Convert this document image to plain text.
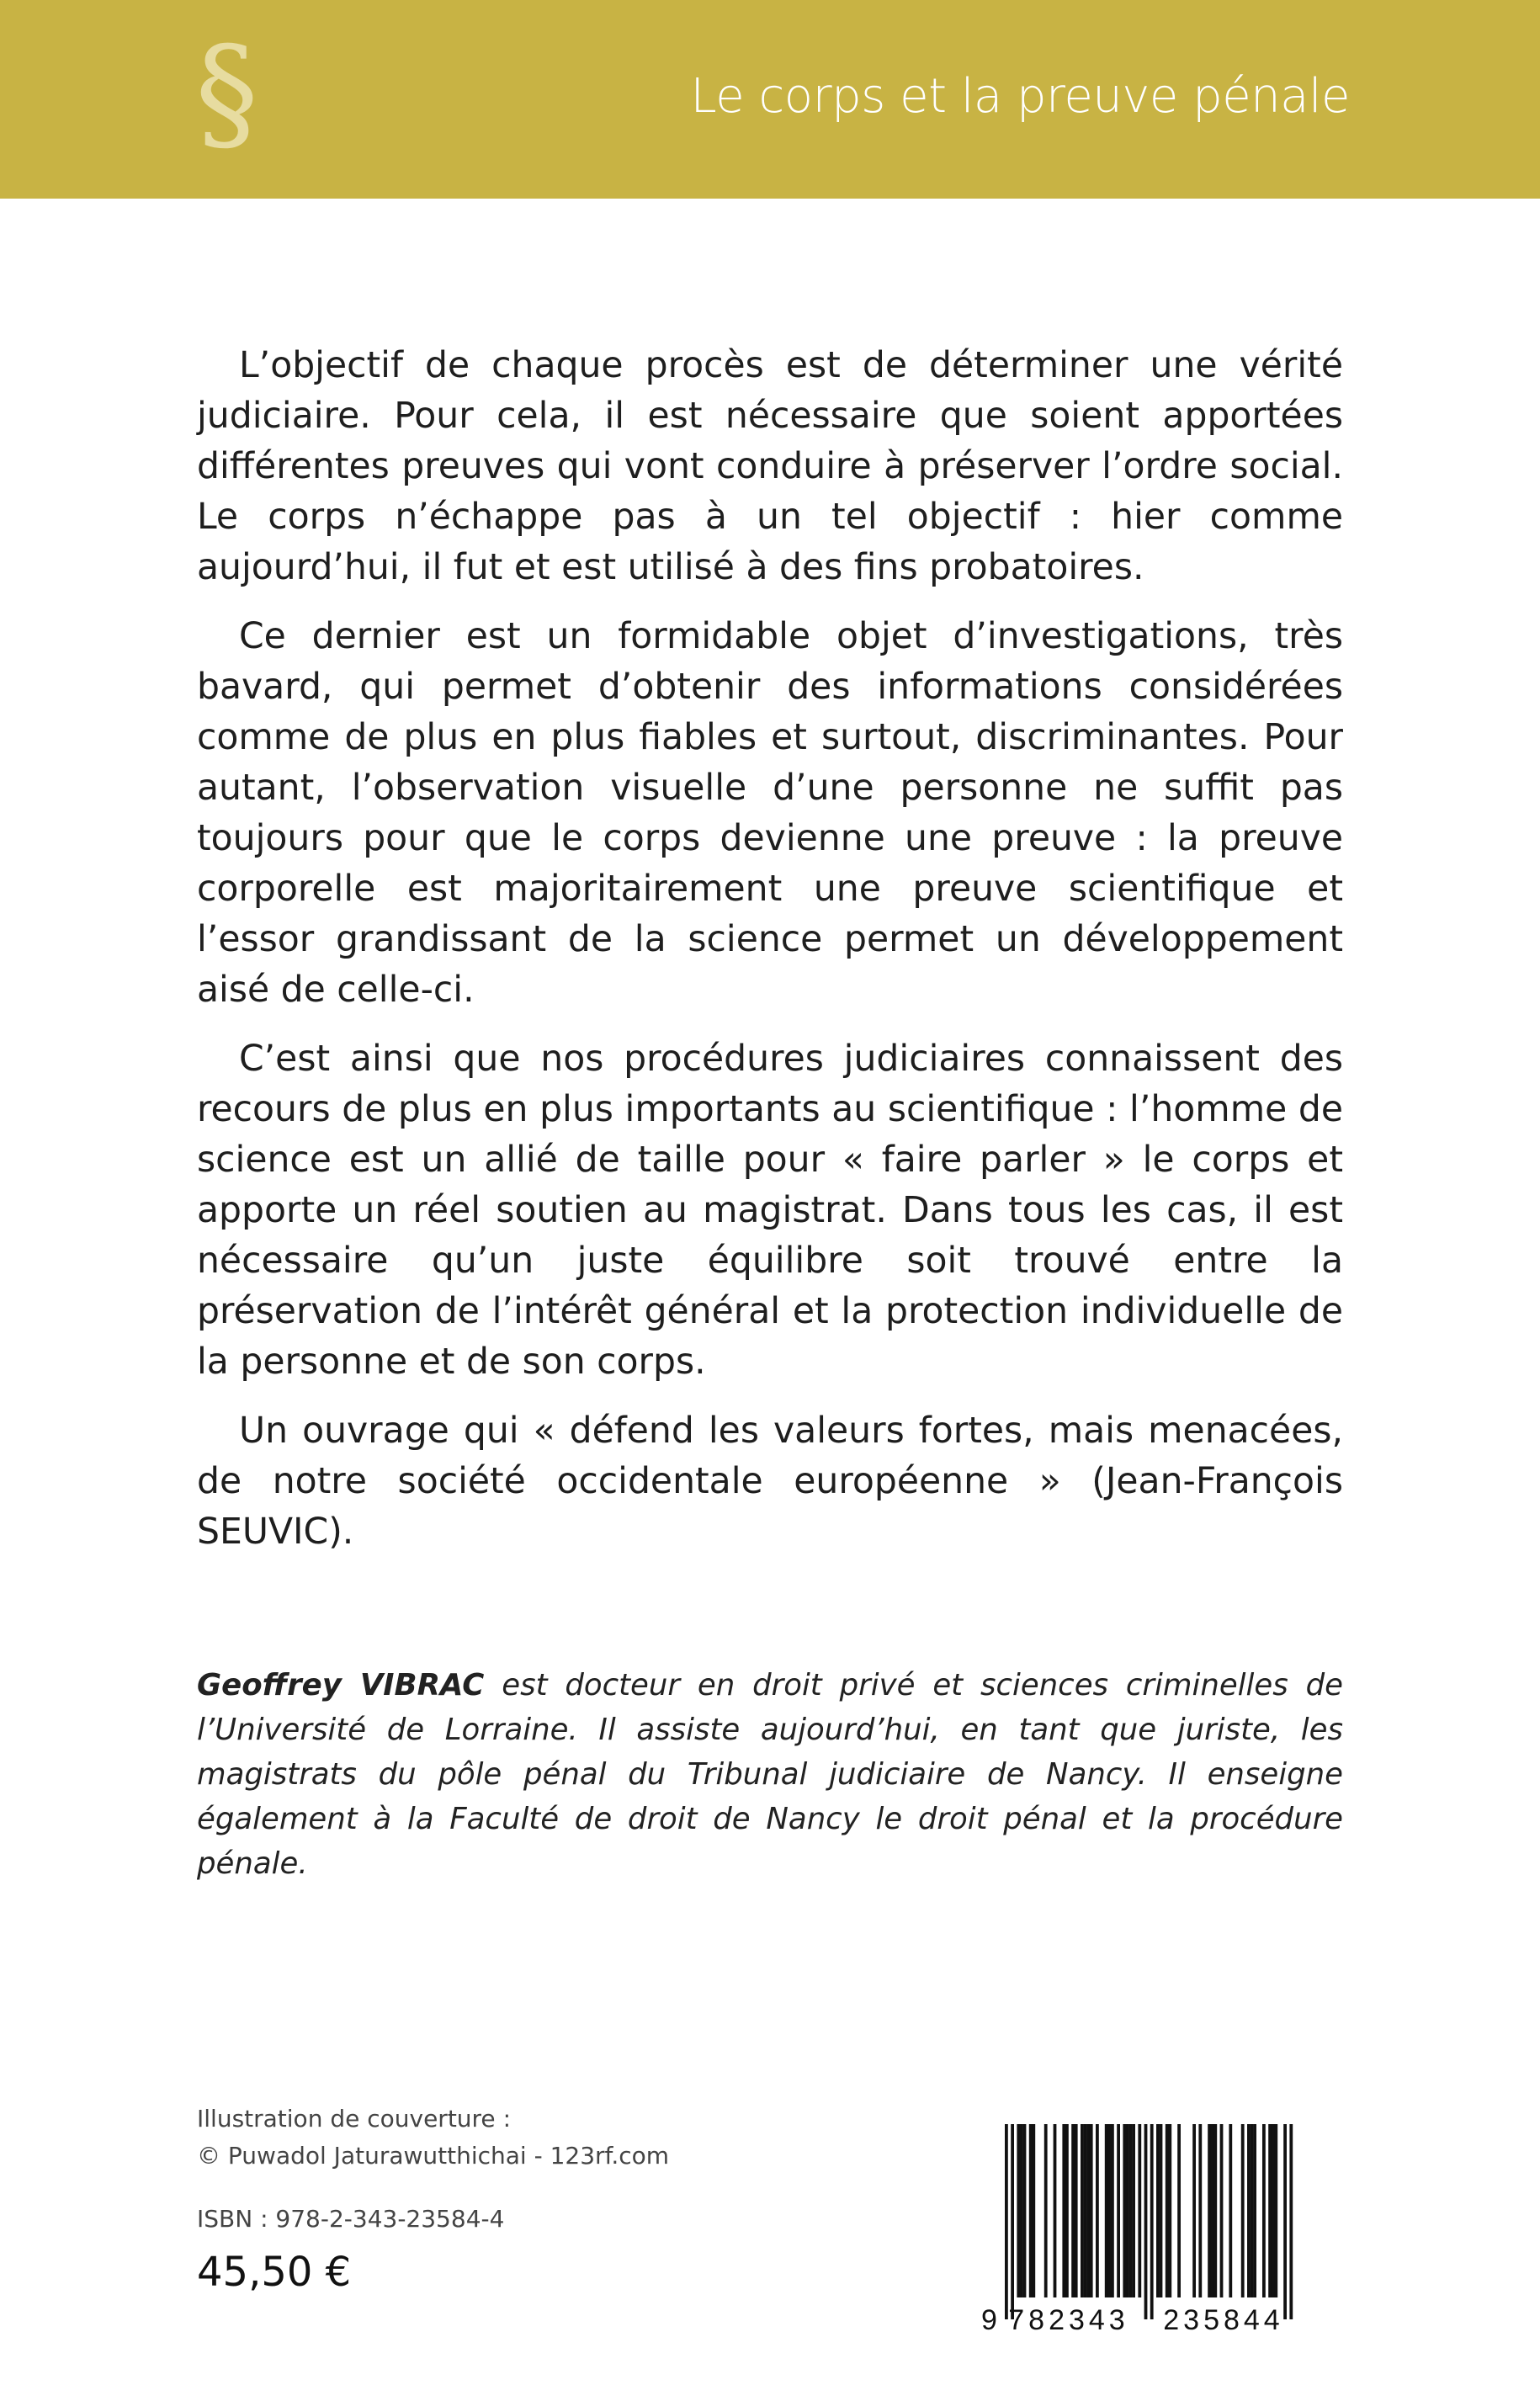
§	Le corps et la preuve pénale

L’objectif de chaque procès est de déterminer une vérité judiciaire. Pour cela, il est nécessaire que soient apportées différentes preuves qui vont conduire à préserver l’ordre social. Le corps n’échappe pas à un tel objectif : hier comme aujourd’hui, il fut et est utilisé à des fins probatoires.

Ce dernier est un formidable objet d’investigations, très bavard, qui permet d’obtenir des informations considérées comme de plus en plus fiables et surtout, discriminantes. Pour autant, l’observation visuelle d’une personne ne suffit pas toujours pour que le corps devienne une preuve : la preuve corporelle est majoritairement une preuve scientifique et l’essor grandissant de la science permet un développement aisé de celle-ci.

C’est ainsi que nos procédures judiciaires connaissent des recours de plus en plus importants au scientifique : l’homme de science est un allié de taille pour « faire parler » le corps et apporte un réel soutien au magistrat. Dans tous les cas, il est nécessaire qu’un juste équilibre soit trouvé entre la préservation de l’intérêt général et la protection individuelle de la personne et de son corps.

Un ouvrage qui « défend les valeurs fortes, mais menacées, de notre société occidentale européenne » (Jean-François SEUVIC).

Geoffrey VIBRAC est docteur en droit privé et sciences criminelles de l’Université de Lorraine. Il assiste aujourd’hui, en tant que juriste, les magistrats du pôle pénal du Tribunal judiciaire de Nancy. Il enseigne également à la Faculté de droit de Nancy le droit pénal et la procédure pénale.
Illustration de couverture :
© Puwadol Jaturawutthichai - 123rf.com
ISBN : 978-2-343-23584-4
45,50 €
9 782343 235844
